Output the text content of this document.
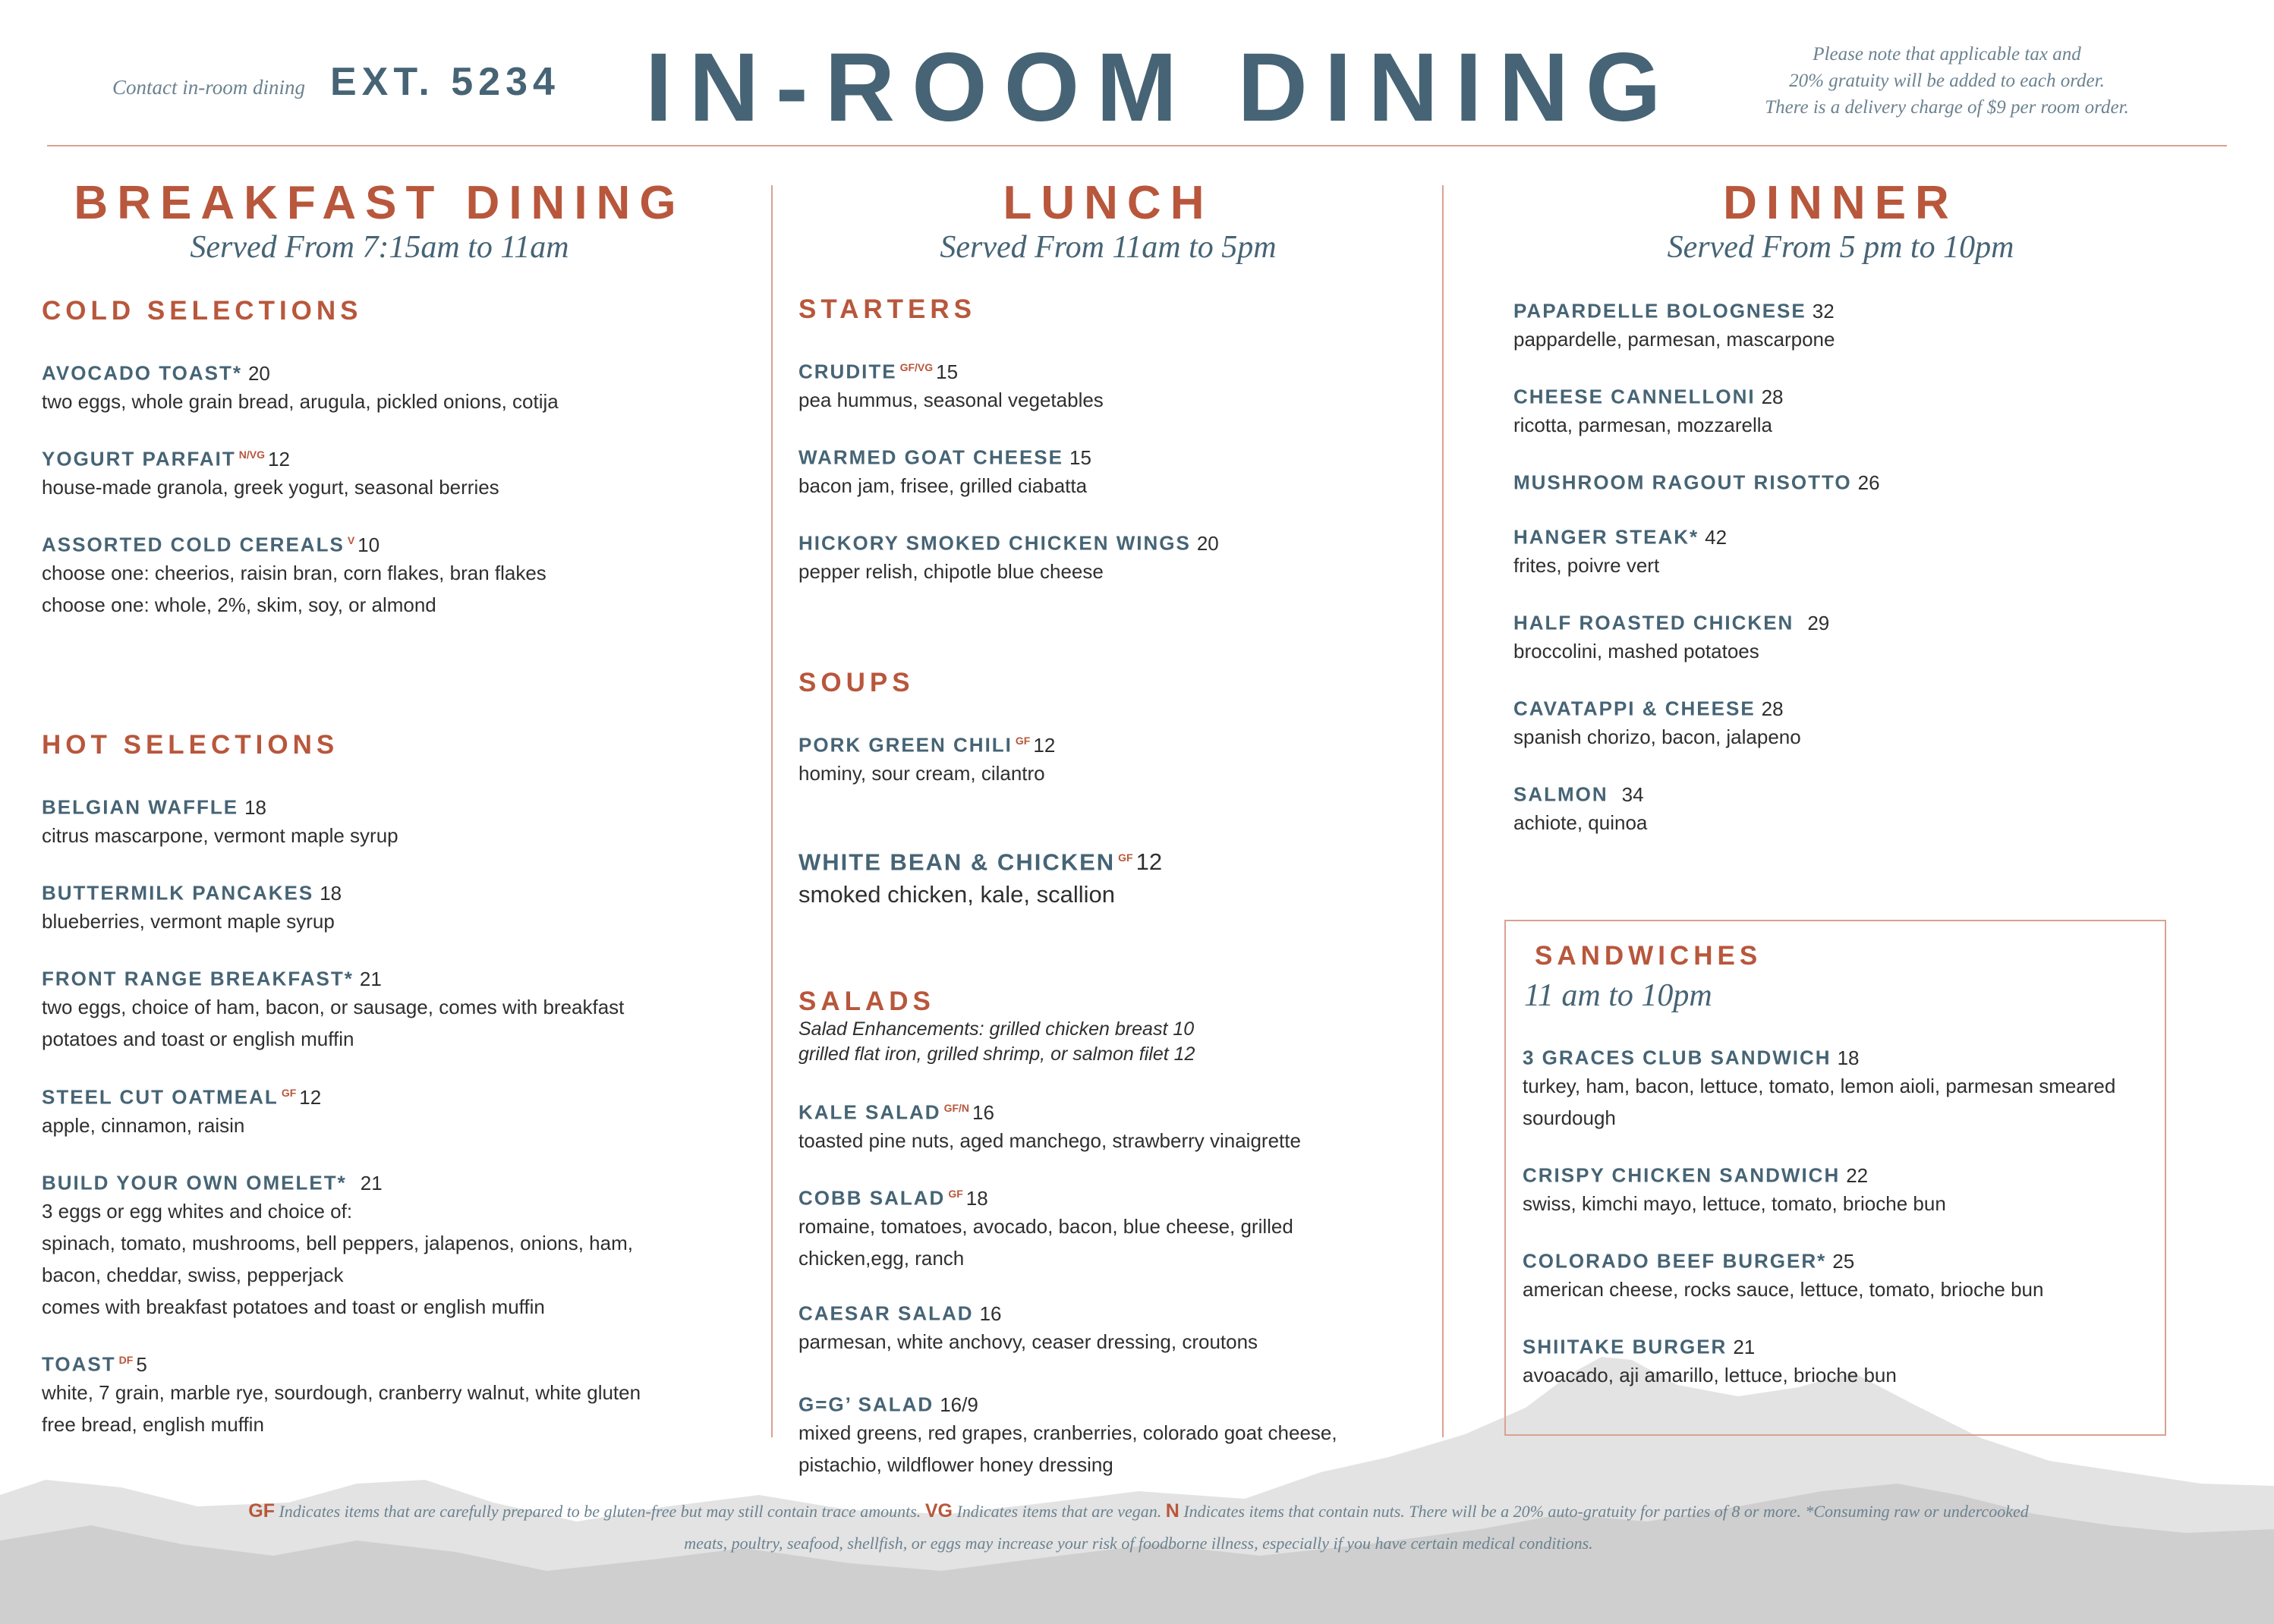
Contact in-room dining EXT. 5234 IN-ROOM DINING	Please note that applicable tax and
20% gratuity will be added to each order.
There is a delivery charge of $9 per room order.
BREAKFAST DINING
Served From 7:15am to 11am
COLD SELECTIONS
AVOCADO TOAST* 20
two eggs, whole grain bread, arugula, pickled onions, cotija
YOGURT PARFAIT $^{N/VG}$ 12
house-made granola, greek yogurt, seasonal berries
ASSORTED COLD CEREALS $^V$ 10
choose one: cheerios, raisin bran, corn flakes, bran flakes
choose one: whole, 2%, skim, soy, or almond
HOT SELECTIONS
BELGIAN WAFFLE 18
citrus mascarpone, vermont maple syrup
BUTTERMILK PANCAKES 18
blueberries, vermont maple syrup
FRONT RANGE BREAKFAST* 21
two eggs, choice of ham, bacon, or sausage, comes with breakfast
potatoes and toast or english muffin
STEEL CUT OATMEAL $^{GF}$ 12
apple, cinnamon, raisin
BUILD YOUR OWN OMELET* 21
3 eggs or egg whites and choice of:
spinach, tomato, mushrooms, bell peppers, jalapenos, onions, ham,
bacon, cheddar, swiss, pepperjack
comes with breakfast potatoes and toast or english muffin
TOAST $^{DF}$ 5
white, 7 grain, marble rye, sourdough, cranberry walnut, white gluten
free bread, english muffin
LUNCH
Served From 11am to 5pm
STARTERS
CRUDITE $^{GF/VG}$ 15
pea hummus, seasonal vegetables
WARMED GOAT CHEESE 15
bacon jam, frisee, grilled ciabatta
HICKORY SMOKED CHICKEN WINGS 20
pepper relish, chipotle blue cheese
SOUPS
PORK GREEN CHILI $^{GF}$ 12
hominy, sour cream, cilantro
WHITE BEAN & CHICKEN $^{GF}$ 12
smoked chicken, kale, scallion
SALADS
Salad Enhancements: grilled chicken breast 10
grilled flat iron, grilled shrimp, or salmon filet 12
KALE SALAD $^{GF/N}$ 16
toasted pine nuts, aged manchego, strawberry vinaigrette
COBB SALAD $^{GF}$ 18
romaine, tomatoes, avocado, bacon, blue cheese, grilled
chicken,egg, ranch
CAESAR SALAD 16
parmesan, white anchovy, ceaser dressing, croutons
G=G’ SALAD 16/9
mixed greens, red grapes, cranberries, colorado goat cheese,
pistachio, wildflower honey dressing
DINNER
Served From 5 pm to 10pm
PAPARDELLE BOLOGNESE 32
pappardelle, parmesan, mascarpone
CHEESE CANNELLONI 28
ricotta, parmesan, mozzarella
MUSHROOM RAGOUT RISOTTO 26
HANGER STEAK* 42
frites, poivre vert
HALF ROASTED CHICKEN 29
broccolini, mashed potatoes
CAVATAPPI & CHEESE 28
spanish chorizo, bacon, jalapeno
SALMON 34
achiote, quinoa
SANDWICHES
11 am to 10pm
3 GRACES CLUB SANDWICH 18
turkey, ham, bacon, lettuce, tomato, lemon aioli, parmesan smeared
sourdough
CRISPY CHICKEN SANDWICH 22
swiss, kimchi mayo, lettuce, tomato, brioche bun
COLORADO BEEF BURGER* 25
american cheese, rocks sauce, lettuce, tomato, brioche bun
SHIITAKE BURGER 21
avoacado, aji amarillo, lettuce, brioche bun
GF Indicates items that are carefully prepared to be gluten-free but may still contain trace amounts. VG Indicates items that are vegan. N Indicates items that contain nuts. There will be a 20% auto-gratuity for parties of 8 or more. *Consuming raw or undercooked
meats, poultry, seafood, shellfish, or eggs may increase your risk of foodborne illness, especially if you have certain medical conditions.
